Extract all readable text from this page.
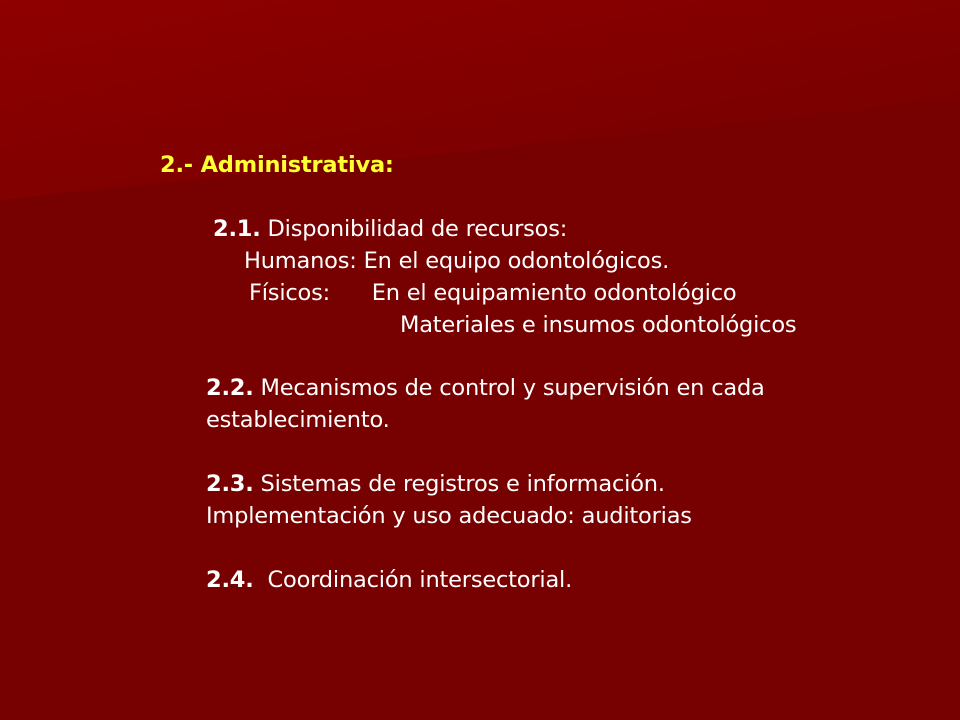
2.- Administrativa:
2.1. Disponibilidad de recursos:
Humanos: En el equipo odontológicos.
Físicos:      En el equipamiento odontológico
Materiales e insumos odontológicos
2.2. Mecanismos de control y supervisión en cada
establecimiento.
2.3. Sistemas de registros e información.
Implementación y uso adecuado: auditorias
2.4.  Coordinación intersectorial.
